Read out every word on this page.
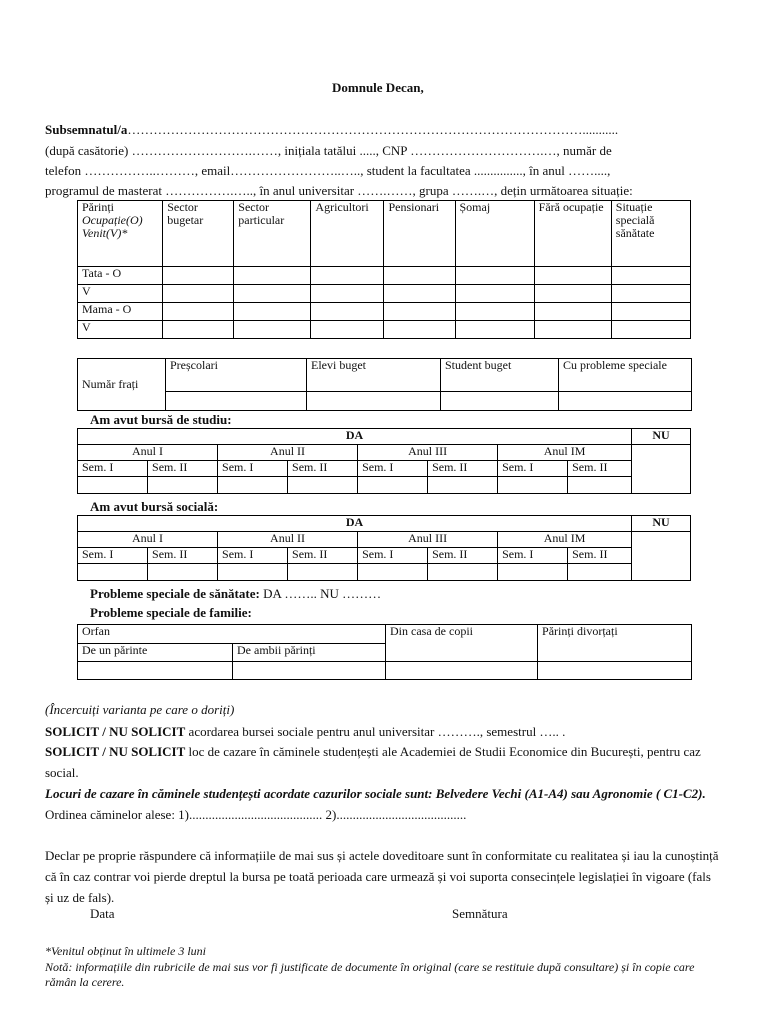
Domnule Decan,
Subsemnatul/a……………………………………………………………………………………………...........
(după casătorie) ……………………….……, inițiala tatălui ....., CNP ………………………….…, număr de
telefon ……………..………, email……………………..….., student la facultatea ..............., în anul ……....,
programul de masterat …………….….., în anul universitar …….……, grupa …….…, dețin următoarea situație:
Părinți
Ocupație(O)
Venit(V)*	Sector bugetar	Sector particular	Agricultori	Pensionari	Șomaj	Fără ocupație	Situație specială sănătate
Tata - O							
V							
Mama - O							
V							
Număr frați	Preșcolari	Elevi buget	Student buget	Cu probleme speciale

Am avut bursă de studiu:
DA								NU
Anul I		Anul II		Anul III		Anul IM		
Sem. I	Sem. II	Sem. I	Sem. II	Sem. I	Sem. II	Sem. I	Sem. II	

Am avut bursă socială:
DA								NU
Anul I		Anul II		Anul III		Anul IM		
Sem. I	Sem. II	Sem. I	Sem. II	Sem. I	Sem. II	Sem. I	Sem. II	

Probleme speciale de sănătate: DA …….. NU ………
Probleme speciale de familie:
Orfan		Din casa de copii	Părinți divorțați
De un părinte	De ambii părinți		

(Încercuiți varianta pe care o doriți)
SOLICIT / NU SOLICIT acordarea bursei sociale pentru anul universitar ………., semestrul ….. .
SOLICIT / NU SOLICIT loc de cazare în căminele studențești ale Academiei de Studii Economice din București, pentru caz social.
Locuri de cazare în căminele studențești acordate cazurilor sociale sunt: Belvedere Vechi (A1-A4) sau Agronomie ( C1-C2). Ordinea căminelor alese: 1)......................................... 2)........................................
Declar pe proprie răspundere că informațiile de mai sus și actele doveditoare sunt în conformitate cu realitatea și iau la cunoștință că în caz contrar voi pierde dreptul la bursa pe toată perioada care urmează și voi suporta consecințele legislației în vigoare (fals și uz de fals).
Data	Semnătura
*Venitul obținut în ultimele 3 luni
Notă: informațiile din rubricile de mai sus vor fi justificate de documente în original (care se restituie după consultare) și în copie care rămân la cerere.
